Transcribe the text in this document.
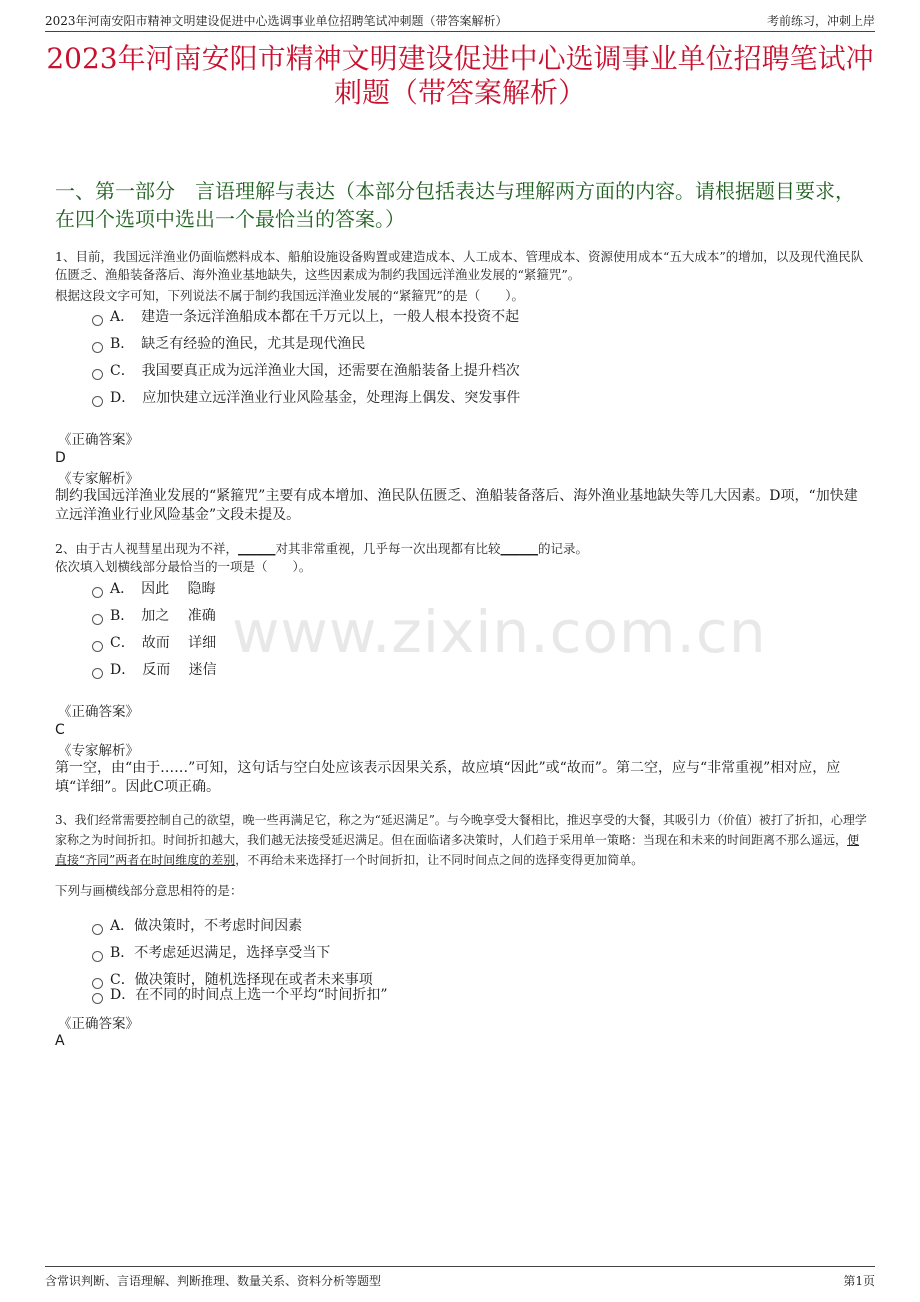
2023年河南安阳市精神文明建设促进中心选调事业单位招聘笔试冲刺题（带答案解析）	考前练习，冲刺上岸
2023年河南安阳市精神文明建设促进中心选调事业单位招聘笔试冲刺题（带答案解析）
一、第一部分　言语理解与表达（本部分包括表达与理解两方面的内容。请根据题目要求，在四个选项中选出一个最恰当的答案。）
1、目前，我国远洋渔业仍面临燃料成本、船舶设施设备购置或建造成本、人工成本、管理成本、资源使用成本“五大成本”的增加，以及现代渔民队伍匮乏、渔船装备落后、海外渔业基地缺失，这些因素成为制约我国远洋渔业发展的“紧箍咒”。
根据这段文字可知，下列说法不属于制约我国远洋渔业发展的“紧箍咒”的是（　　）。
A．　建造一条远洋渔船成本都在千万元以上，一般人根本投资不起
B．　缺乏有经验的渔民，尤其是现代渔民
C．　我国要真正成为远洋渔业大国，还需要在渔船装备上提升档次
D．　应加快建立远洋渔业行业风险基金，处理海上偶发、突发事件
《正确答案》
D
《专家解析》
制约我国远洋渔业发展的“紧箍咒”主要有成本增加、渔民队伍匮乏、渔船装备落后、海外渔业基地缺失等几大因素。D项，“加快建立远洋渔业行业风险基金”文段未提及。
2、由于古人视彗星出现为不祥，______对其非常重视，几乎每一次出现都有比较______的记录。
依次填入划横线部分最恰当的一项是（　　）。
A．　因此　 隐晦
B．　加之　 准确
C．　故而　 详细
D．　反而　 迷信
《正确答案》
C
《专家解析》
第一空，由“由于……”可知，这句话与空白处应该表示因果关系，故应填“因此”或“故而”。第二空，应与“非常重视”相对应，应填“详细”。因此C项正确。
3、我们经常需要控制自己的欲望，晚一些再满足它，称之为“延迟满足”。与今晚享受大餐相比，推迟享受的大餐，其吸引力（价值）被打了折扣，心理学家称之为时间折扣。时间折扣越大，我们越无法接受延迟满足。但在面临诸多决策时，人们趋于采用单一策略：当现在和未来的时间距离不那么遥远，便直接“齐同”两者在时间维度的差别，不再给未来选择打一个时间折扣，让不同时间点之间的选择变得更加简单。
下列与画横线部分意思相符的是：
A．做决策时，不考虑时间因素
B．不考虑延迟满足，选择享受当下
C．做决策时，随机选择现在或者未来事项
D．在不同的时间点上选一个平均“时间折扣”
《正确答案》
A
www.zixin.com.cn
含常识判断、言语理解、判断推理、数量关系、资料分析等题型	第1页
